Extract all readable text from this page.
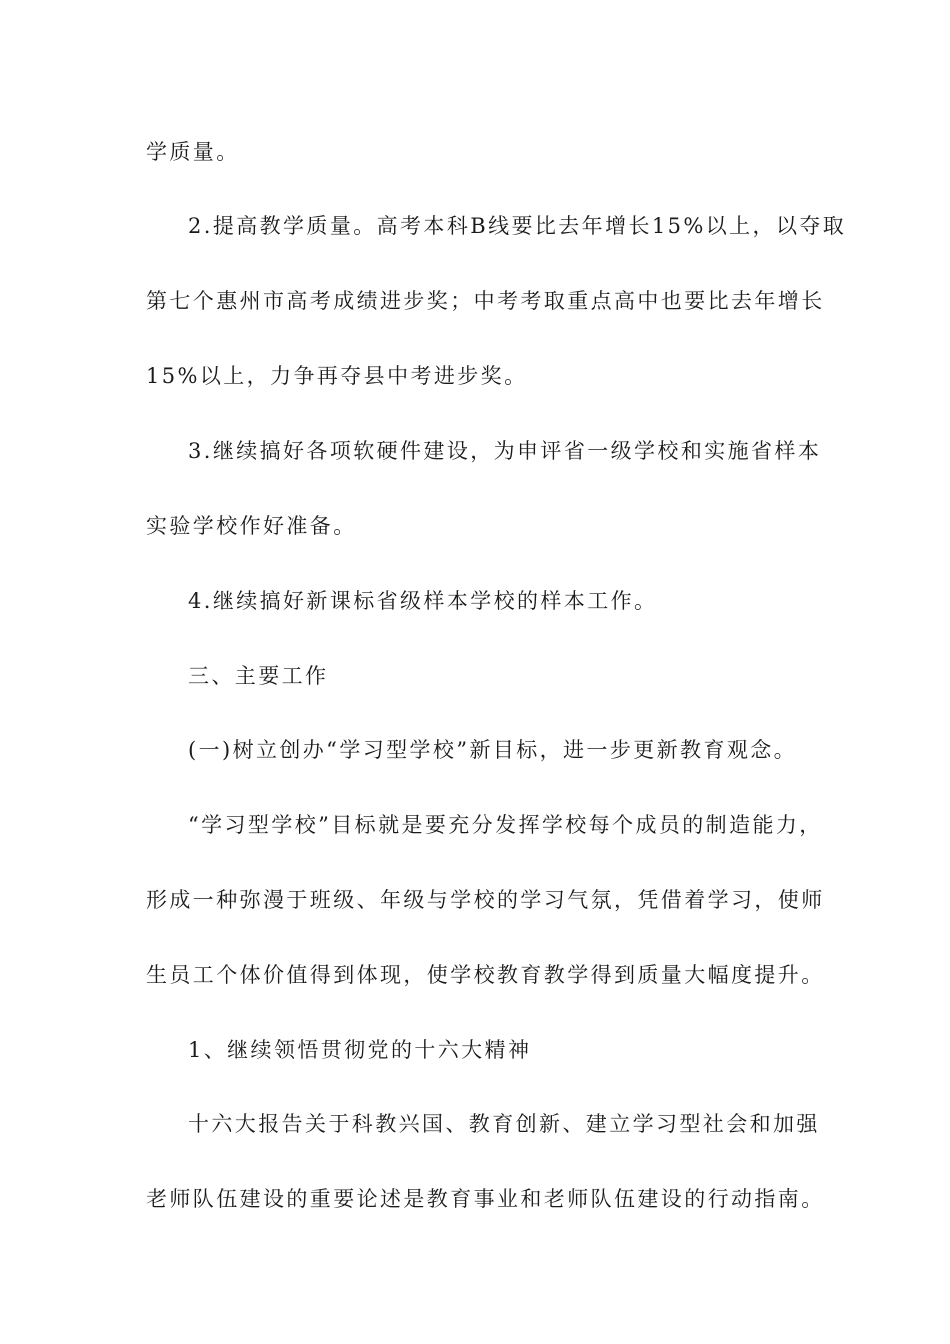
学质量。
2.提高教学质量。高考本科B线要比去年增长15%以上，以夺取
第七个惠州市高考成绩进步奖；中考考取重点高中也要比去年增长
15%以上，力争再夺县中考进步奖。
3.继续搞好各项软硬件建设，为申评省一级学校和实施省样本
实验学校作好准备。
4.继续搞好新课标省级样本学校的样本工作。
三、主要工作
(一)树立创办“学习型学校”新目标，进一步更新教育观念。
“学习型学校”目标就是要充分发挥学校每个成员的制造能力，
形成一种弥漫于班级、年级与学校的学习气氛，凭借着学习，使师
生员工个体价值得到体现，使学校教育教学得到质量大幅度提升。
1、继续领悟贯彻党的十六大精神
十六大报告关于科教兴国、教育创新、建立学习型社会和加强
老师队伍建设的重要论述是教育事业和老师队伍建设的行动指南。
